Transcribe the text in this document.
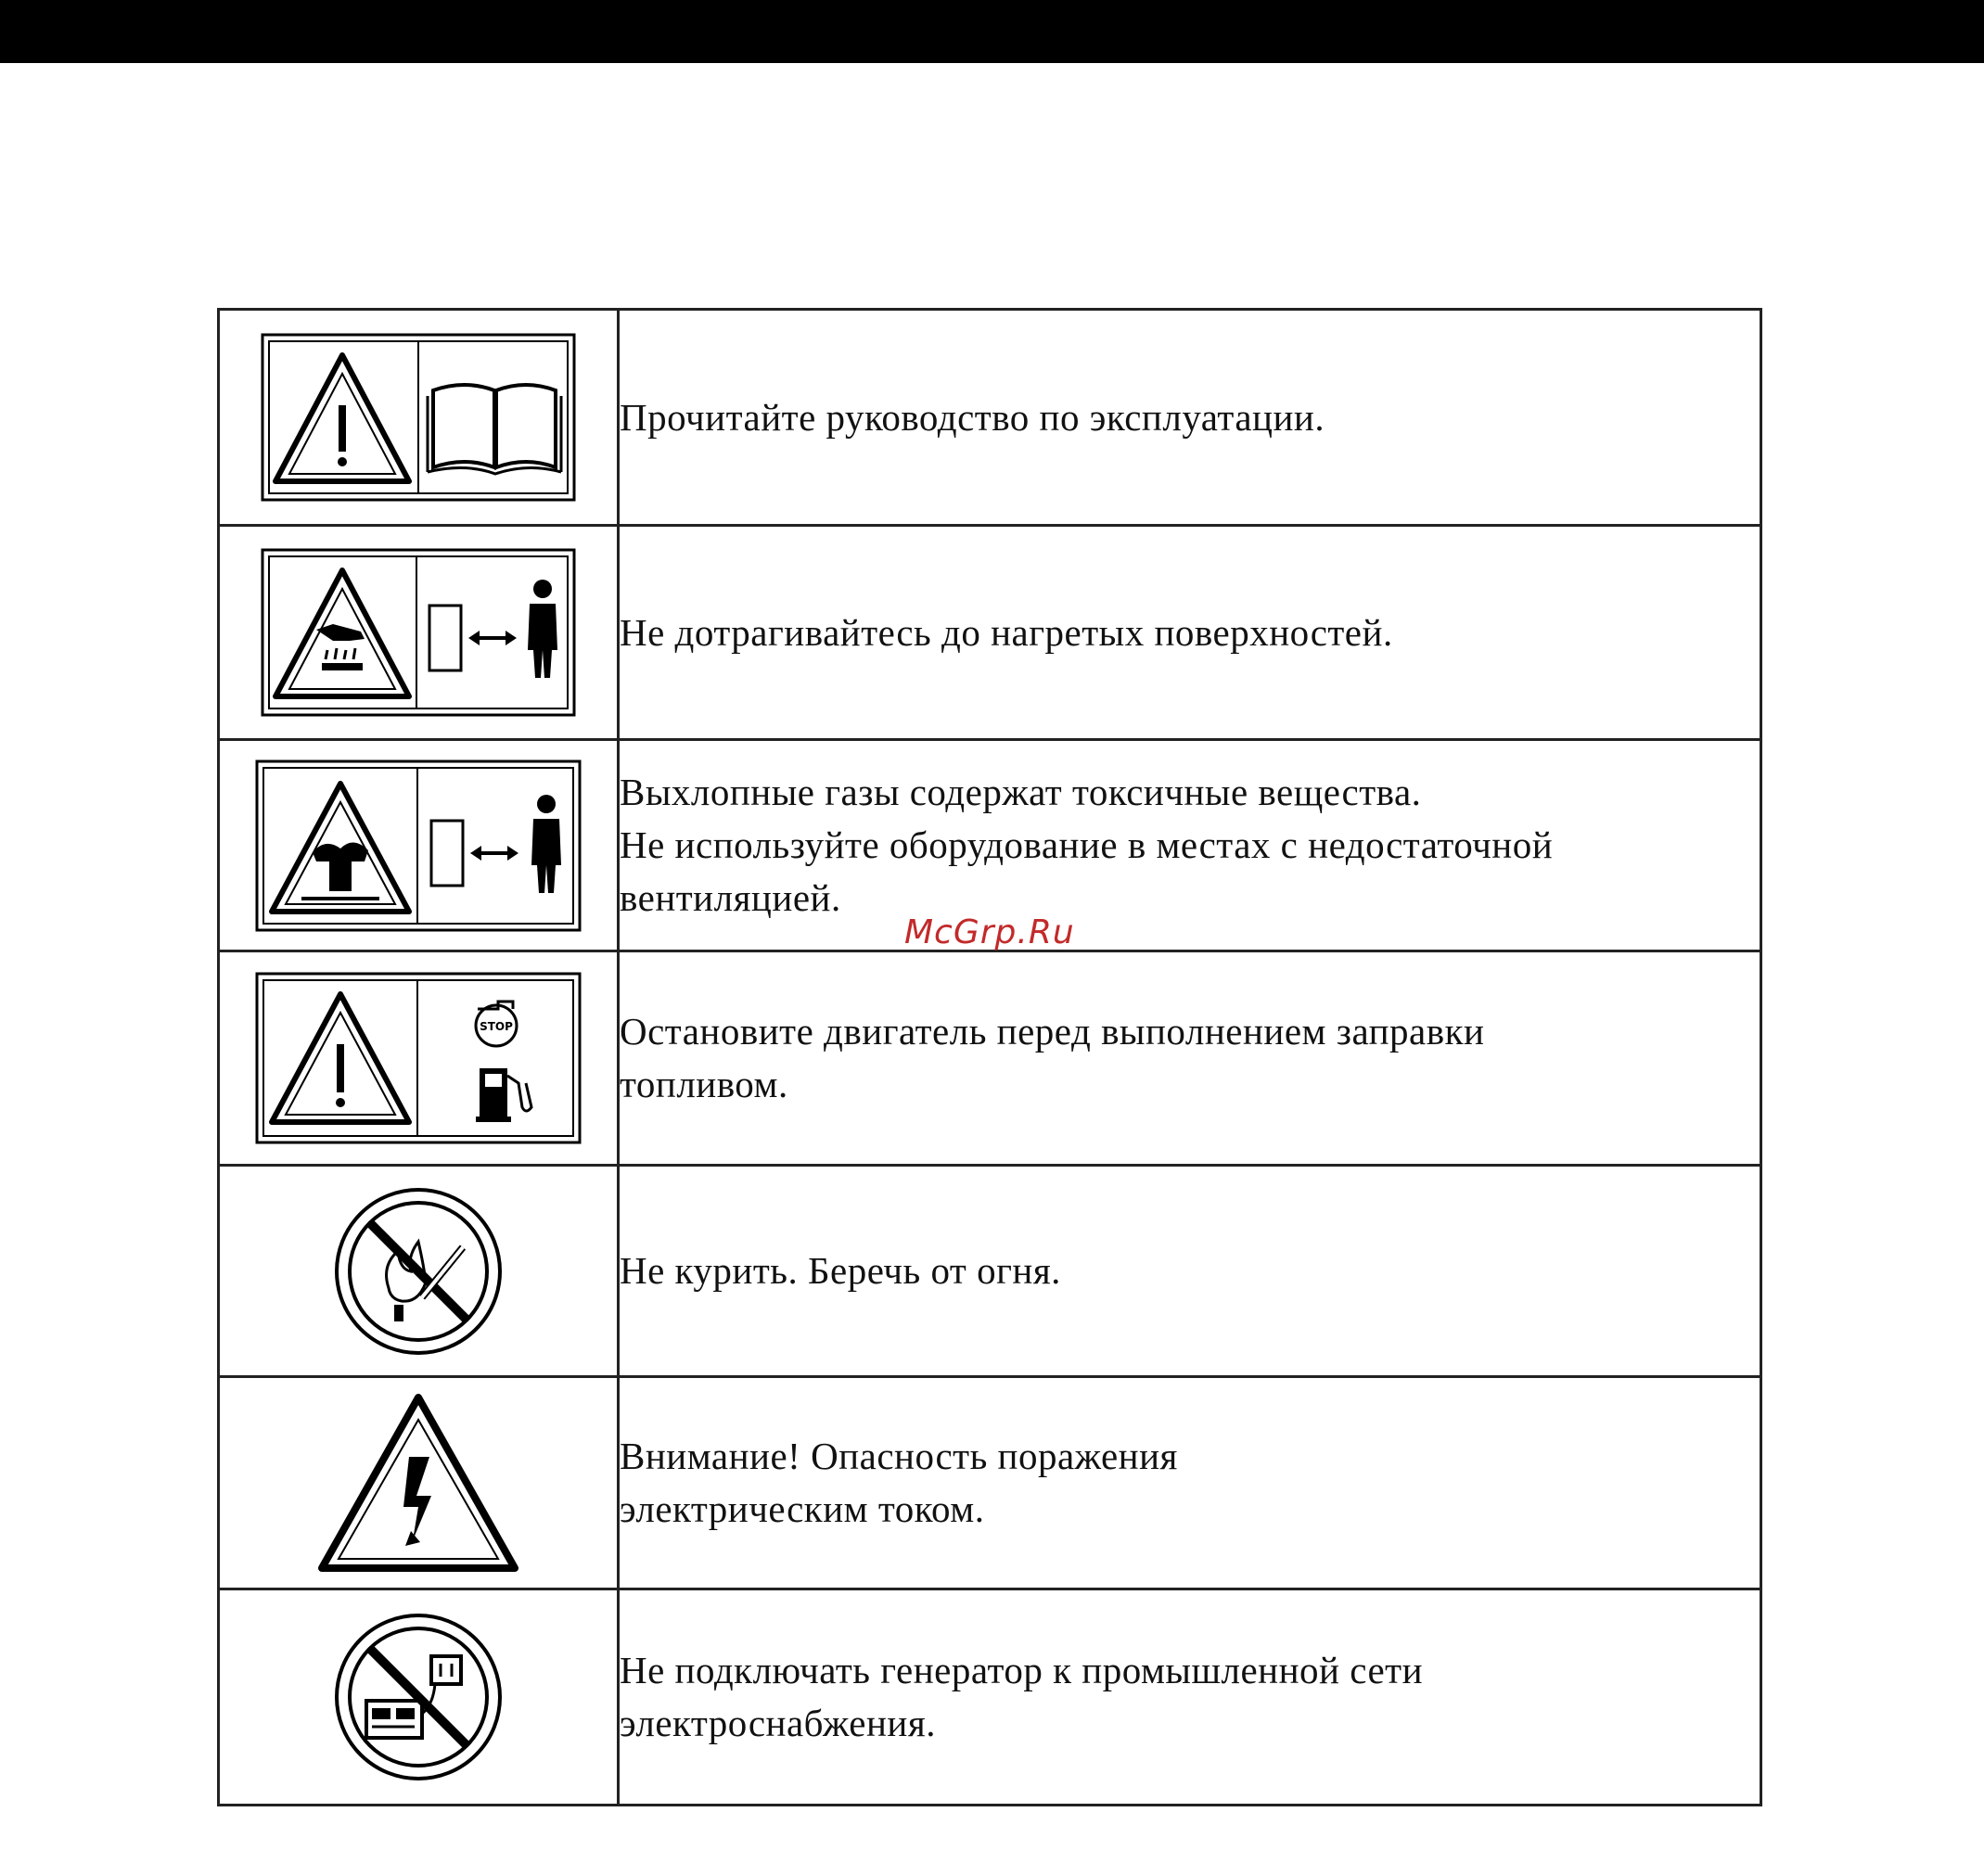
Прочитайте руководство по эксплуатации.

Не дотрагивайтесь до нагретых поверхностей.

Выхлопные газы содержат токсичные вещества.
Не используйте оборудование в местах с недостаточной
вентиляцией.

STOP	Остановите двигатель перед выполнением заправки
топливом.

Не курить. Беречь от огня.

Внимание! Опасность поражения
электрическим током.

Не подключать генератор к промышленной сети
электроснабжения.
McGrp.Ru
